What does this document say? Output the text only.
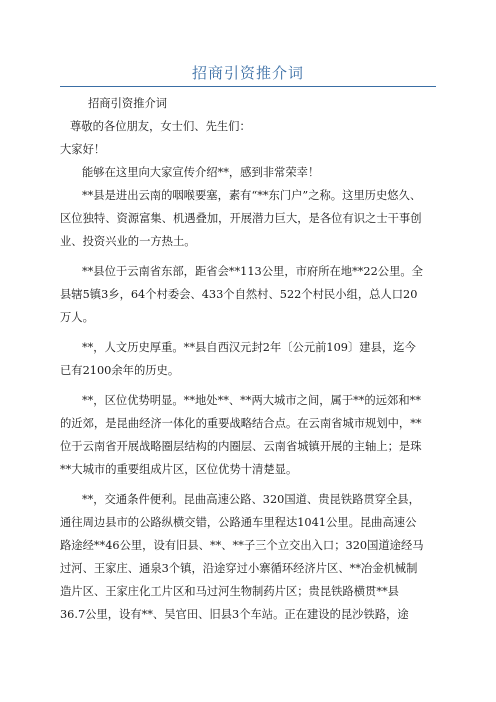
招商引资推介词
招商引资推介词
尊敬的各位朋友，女士们、先生们：
大家好！
能够在这里向大家宣传介绍**，感到非常荣幸！
**县是进出云南的咽喉要塞，素有“**东门户”之称。这里历史悠久、
区位独特、资源富集、机遇叠加，开展潜力巨大，是各位有识之士干事创
业、投资兴业的一方热土。
**县位于云南省东部，距省会**113公里，市府所在地**22公里。全
县辖5镇3乡，64个村委会、433个自然村、522个村民小组，总人口20
万人。
**，人文历史厚重。**县自西汉元封2年〔公元前109〕建县，迄今
已有2100余年的历史。
**，区位优势明显。**地处**、**两大城市之间，属于**的远郊和**
的近郊，是昆曲经济一体化的重要战略结合点。在云南省城市规划中，**
位于云南省开展战略圈层结构的内圈层、云南省城镇开展的主轴上；是珠
**大城市的重要组成片区，区位优势十清楚显。
**，交通条件便利。昆曲高速公路、320国道、贵昆铁路贯穿全县，
通往周边县市的公路纵横交错，公路通车里程达1041公里。昆曲高速公
路途经**46公里，设有旧县、**、**子三个立交出入口；320国道途经马
过河、王家庄、通泉3个镇，沿途穿过小寨循环经济片区、**冶金机械制
造片区、王家庄化工片区和马过河生物制药片区；贵昆铁路横贯**县
36.7公里，设有**、吴官田、旧县3个车站。正在建设的昆沙铁路，途
